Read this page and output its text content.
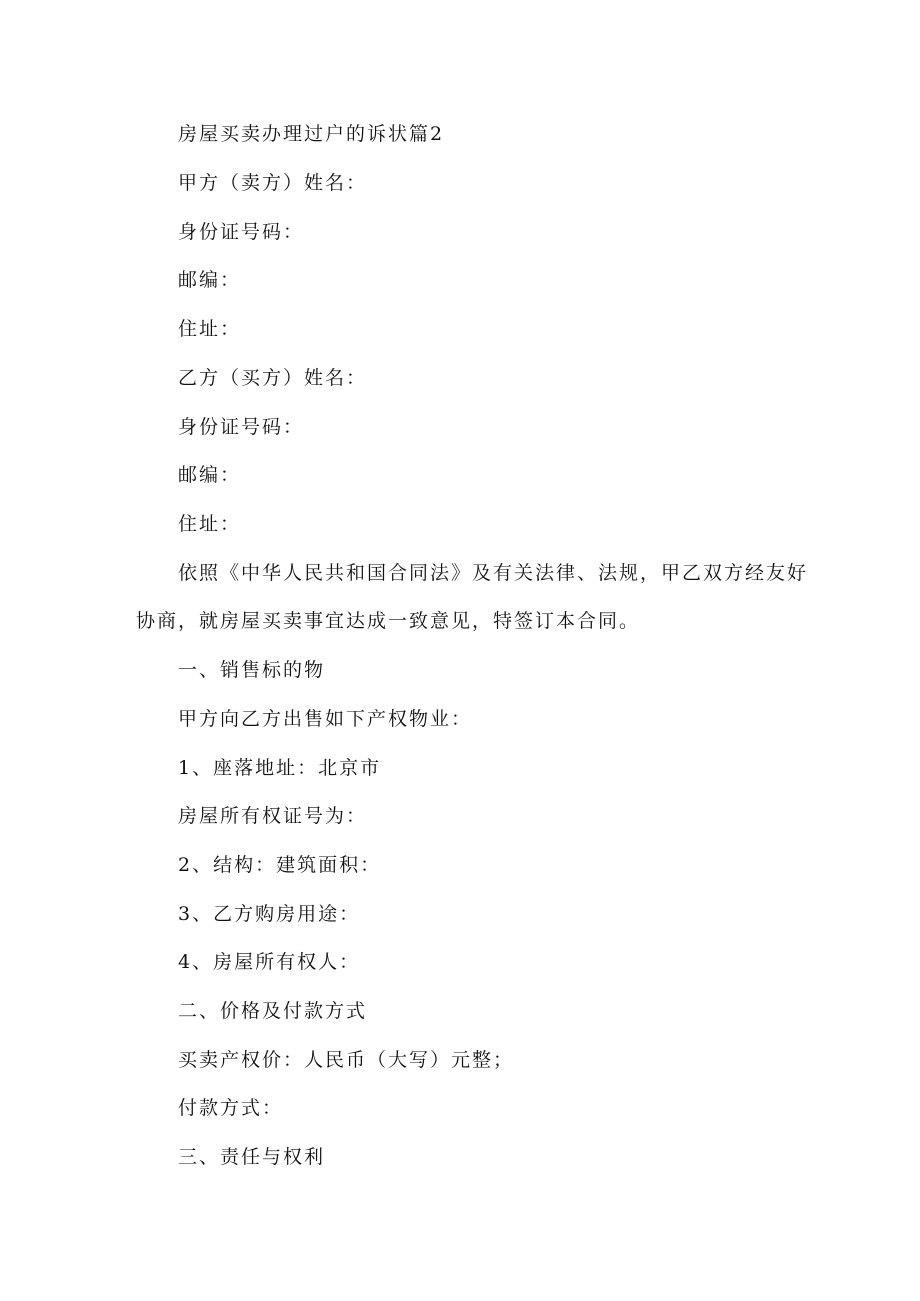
房屋买卖办理过户的诉状篇2
甲方（卖方）姓名：
身份证号码：
邮编：
住址：
乙方（买方）姓名：
身份证号码：
邮编：
住址：
依照《中华人民共和国合同法》及有关法律、法规，甲乙双方经友好
协商，就房屋买卖事宜达成一致意见，特签订本合同。
一、销售标的物
甲方向乙方出售如下产权物业：
1、座落地址：北京市
房屋所有权证号为：
2、结构：建筑面积：
3、乙方购房用途：
4、房屋所有权人：
二、价格及付款方式
买卖产权价：人民币（大写）元整；
付款方式：
三、责任与权利
